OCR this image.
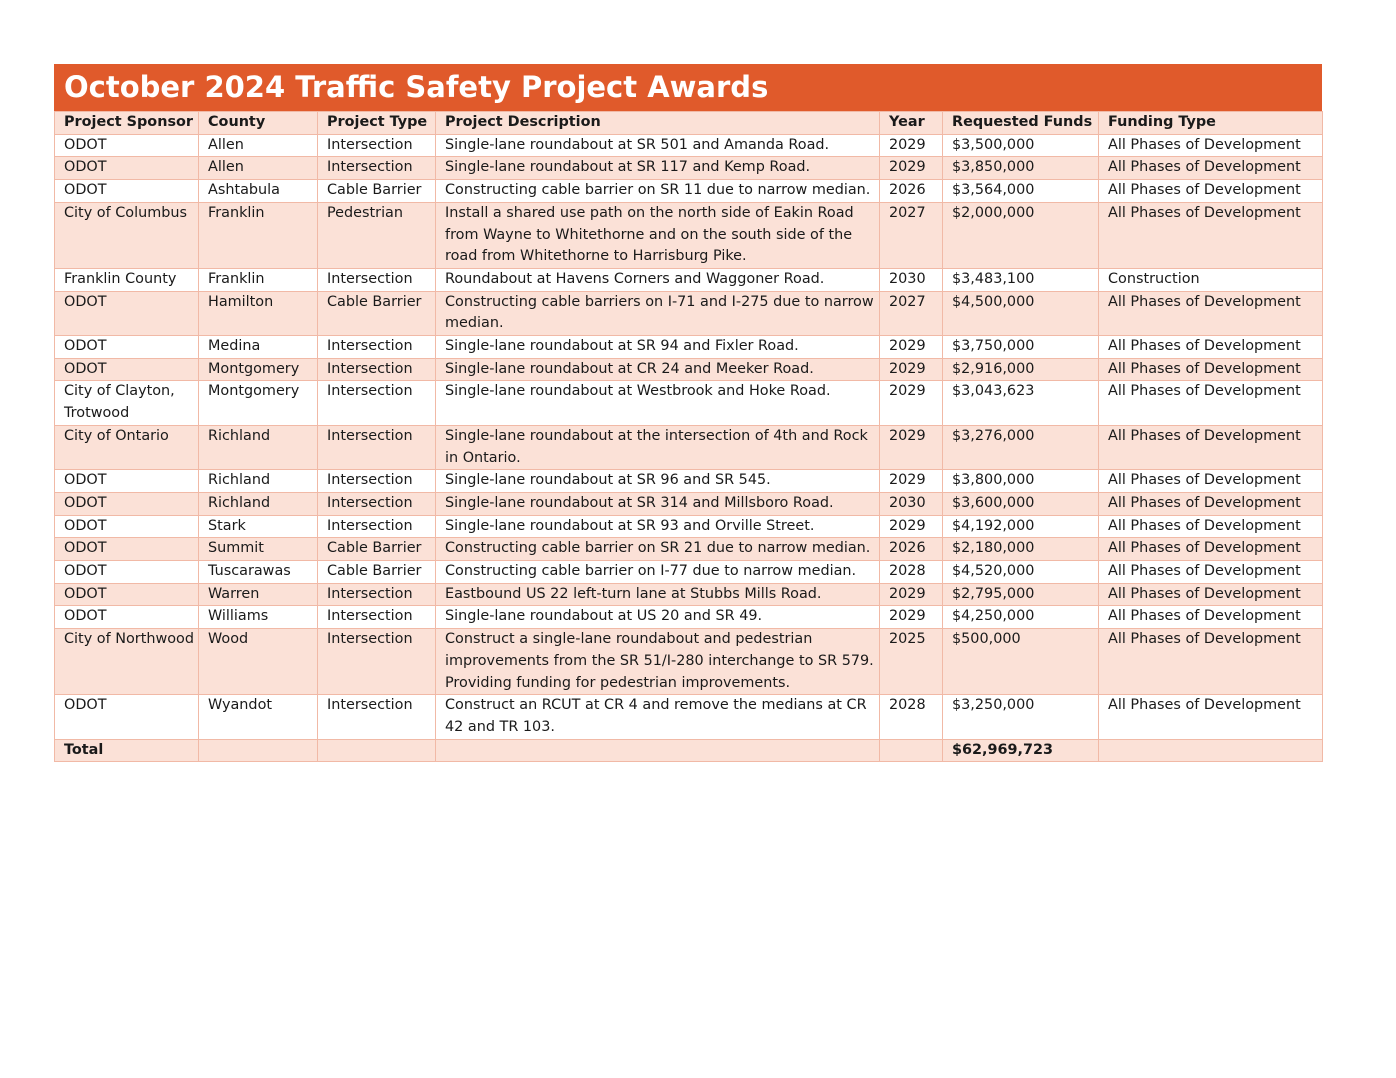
October 2024 Traffic Safety Project Awards
Project Sponsor	County	Project Type	Project Description	Year	Requested Funds	Funding Type
ODOT	Allen	Intersection	Single-lane roundabout at SR 501 and Amanda Road.	2029	$3,500,000	All Phases of Development
ODOT	Allen	Intersection	Single-lane roundabout at SR 117 and Kemp Road.	2029	$3,850,000	All Phases of Development
ODOT	Ashtabula	Cable Barrier	Constructing cable barrier on SR 11 due to narrow median.	2026	$3,564,000	All Phases of Development
City of Columbus	Franklin	Pedestrian	Install a shared use path on the north side of Eakin Road from Wayne to Whitethorne and on the south side of the road from Whitethorne to Harrisburg Pike.	2027	$2,000,000	All Phases of Development
Franklin County	Franklin	Intersection	Roundabout at Havens Corners and Waggoner Road.	2030	$3,483,100	Construction
ODOT	Hamilton	Cable Barrier	Constructing cable barriers on I-71 and I-275 due to narrow median.	2027	$4,500,000	All Phases of Development
ODOT	Medina	Intersection	Single-lane roundabout at SR 94 and Fixler Road.	2029	$3,750,000	All Phases of Development
ODOT	Montgomery	Intersection	Single-lane roundabout at CR 24 and Meeker Road.	2029	$2,916,000	All Phases of Development
City of Clayton, Trotwood	Montgomery	Intersection	Single-lane roundabout at Westbrook and Hoke Road.	2029	$3,043,623	All Phases of Development
City of Ontario	Richland	Intersection	Single-lane roundabout at the intersection of 4th and Rock in Ontario.	2029	$3,276,000	All Phases of Development
ODOT	Richland	Intersection	Single-lane roundabout at SR 96 and SR 545.	2029	$3,800,000	All Phases of Development
ODOT	Richland	Intersection	Single-lane roundabout at SR 314 and Millsboro Road.	2030	$3,600,000	All Phases of Development
ODOT	Stark	Intersection	Single-lane roundabout at SR 93 and Orville Street.	2029	$4,192,000	All Phases of Development
ODOT	Summit	Cable Barrier	Constructing cable barrier on SR 21 due to narrow median.	2026	$2,180,000	All Phases of Development
ODOT	Tuscarawas	Cable Barrier	Constructing cable barrier on I-77 due to narrow median.	2028	$4,520,000	All Phases of Development
ODOT	Warren	Intersection	Eastbound US 22 left-turn lane at Stubbs Mills Road.	2029	$2,795,000	All Phases of Development
ODOT	Williams	Intersection	Single-lane roundabout at US 20 and SR 49.	2029	$4,250,000	All Phases of Development
City of Northwood	Wood	Intersection	Construct a single-lane roundabout and pedestrian improvements from the SR 51/I-280 interchange to SR 579. Providing funding for pedestrian improvements.	2025	$500,000	All Phases of Development
ODOT	Wyandot	Intersection	Construct an RCUT at CR 4 and remove the medians at CR 42 and TR 103.	2028	$3,250,000	All Phases of Development
Total					$62,969,723	
